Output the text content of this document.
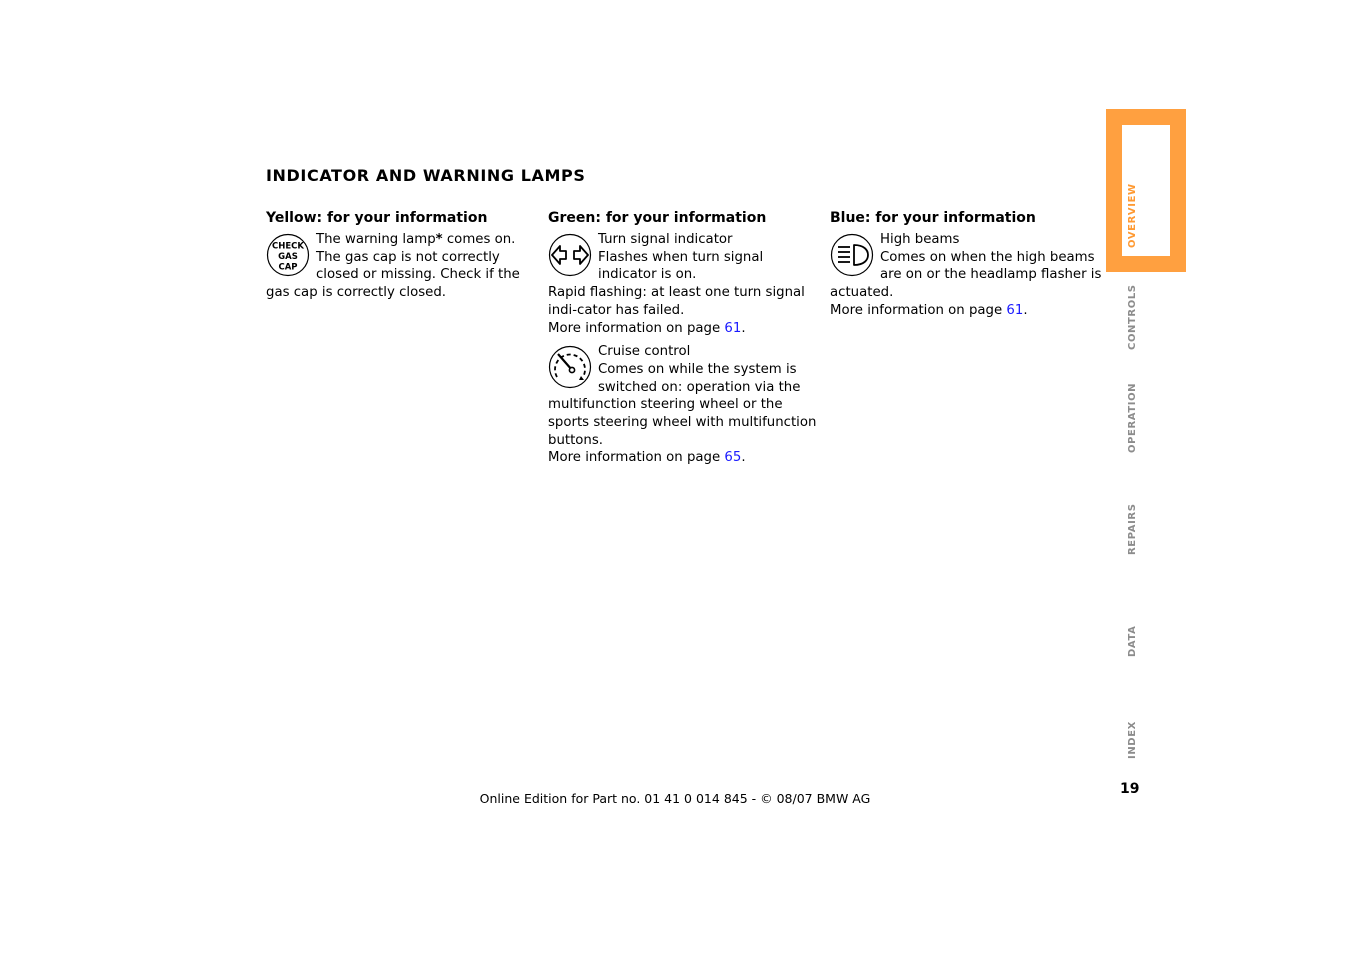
INDICATOR AND WARNING LAMPS
Yellow: for your information
CHECK
GAS
CAP

The warning lamp* comes on.

The gas cap is not correctly closed or missing. Check if the gas cap is correctly closed.

Green: for your information

Turn signal indicator

Flashes when turn signal indicator is on.

Rapid flashing: at least one turn signal indi-cator has failed.

More information on page 61.

Cruise control

Comes on while the system is switched on: operation via the multifunction steering wheel or the sports steering wheel with multifunction buttons.

More information on page 65.

Blue: for your information

High beams

Comes on when the high beams are on or the headlamp flasher is actuated.

More information on page 61.

OVERVIEW
CONTROLS
OPERATION
REPAIRS
DATA
INDEX
19
Online Edition for Part no. 01 41 0 014 845 - © 08/07 BMW AG
